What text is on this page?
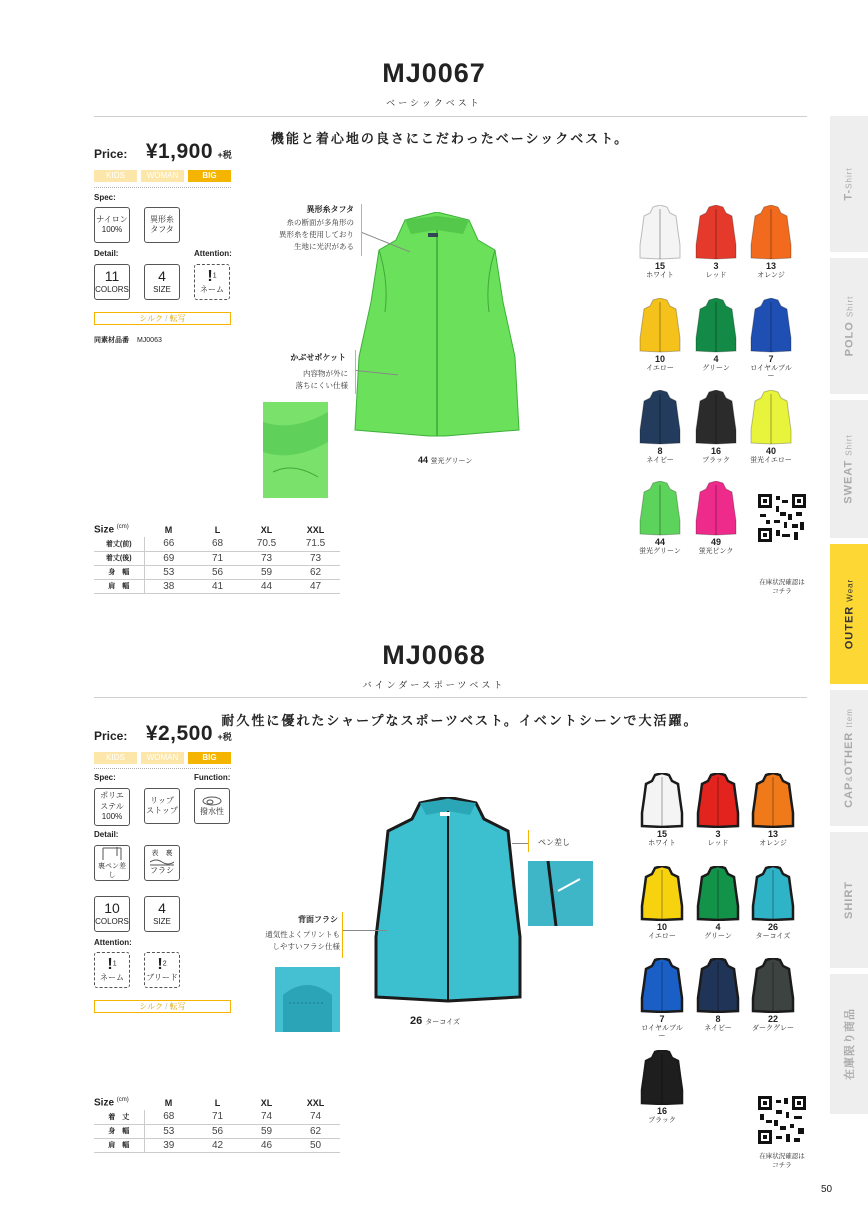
MJ0067
ベーシックベスト
機能と着心地の良さにこだわったベーシックベスト。
Price: ¥1,900 +税
KIDS	WOMAN	BIG
Spec:
ナイロン
100%
異形糸
タフタ
Detail:	Attention:
11
COLORS
4
SIZE
!$^1$
ネーム
シルク / 転写
同素材品番 MJ0063
44 蛍光グリーン
異形糸タフタ
糸の断面が多角形の
異形糸を使用しており
生地に光沢がある
かぶせポケット
内容物が外に
落ちにくい仕様
15
ホワイト
3
レッド
13
オレンジ
10
イエロー
4
グリーン
7
ロイヤルブルー
8
ネイビー
16
ブラック
40
蛍光イエロー
44
蛍光グリーン
49
蛍光ピンク
Size $^{(cm)}$	M	L	XL	XXL
着丈(前)	66	68	70.5	71.5
着丈(後)	69	71	73	73
身　幅	53	56	59	62
肩　幅	38	41	44	47	在庫状況確認は
コチラ
MJ0068
バインダースポーツベスト
耐久性に優れたシャープなスポーツベスト。イベントシーンで大活躍。
Price: ¥2,500 +税
KIDS	WOMAN	BIG
Spec:	Function:
ポリエ
ステル
100%
リップ
ストップ	撥水性
Detail:
裏ペン差し
表　裏
フラシ
10
COLORS
4
SIZE
Attention:
!$^1$
ネーム
!$^2$
ブリード
シルク / 転写
26 ターコイズ
ペン差し
背面フラシ
通気性よくプリントも
しやすいフラシ仕様
15
ホワイト
3
レッド
13
オレンジ
10
イエロー
4
グリーン
26
ターコイズ
7
ロイヤルブルー
8
ネイビー
22
ダークグレー
16
ブラック
Size $^{(cm)}$	M	L	XL	XXL
着　丈	68	71	74	74
身　幅	53	56	59	62
肩　幅	39	42	46	50
在庫状況確認は
コチラ
T-Shirt
POLO Shirt
SWEAT Shirt
OUTER Wear
CAP&OTHER Item
SHIRT
在庫限り商品
50
